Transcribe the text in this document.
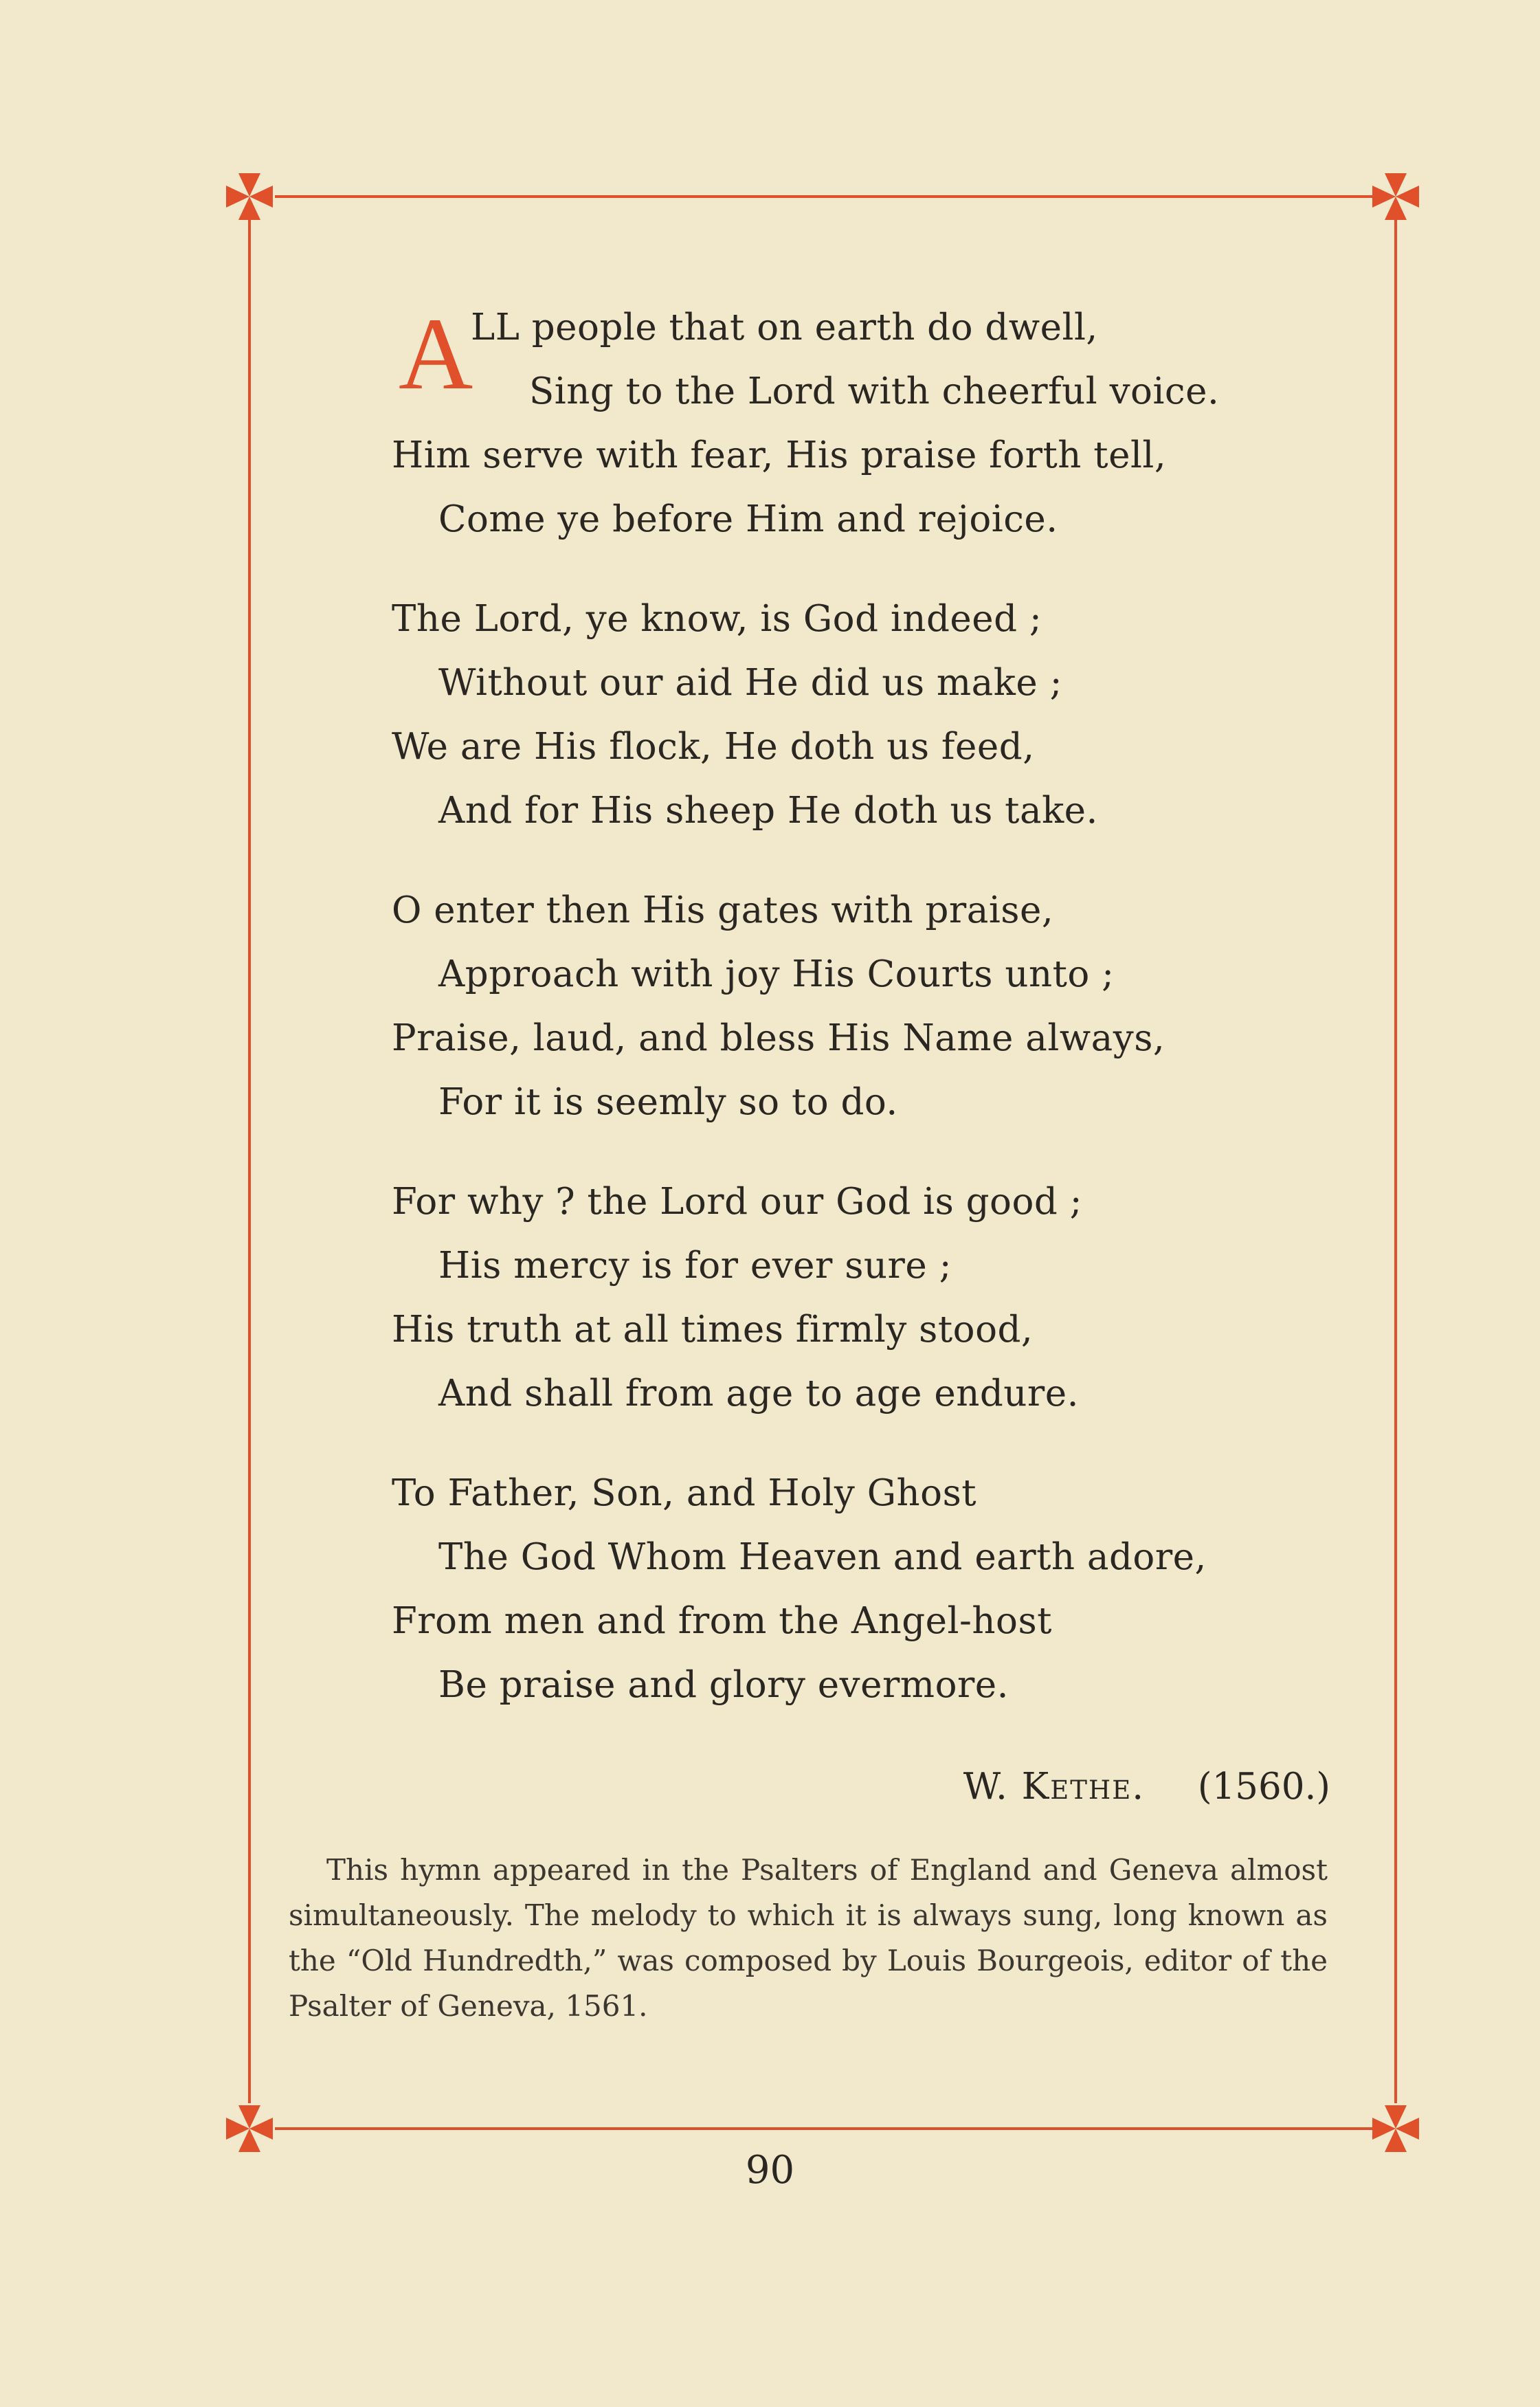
A
LL people that on earth do dwell,
Sing to the Lord with cheerful voice.
Him serve with fear, His praise forth tell,
Come ye before Him and rejoice.
The Lord, ye know, is God indeed ;
Without our aid He did us make ;
We are His flock, He doth us feed,
And for His sheep He doth us take.
O enter then His gates with praise,
Approach with joy His Courts unto ;
Praise, laud, and bless His Name always,
For it is seemly so to do.
For why ? the Lord our God is good ;
His mercy is for ever sure ;
His truth at all times firmly stood,
And shall from age to age endure.
To Father, Son, and Holy Ghost
The God Whom Heaven and earth adore,
From men and from the Angel-host
Be praise and glory evermore.
W. Kethe. (1560.)
This hymn appeared in the Psalters of England and Geneva almost simultaneously. The melody to which it is always sung, long known as the “Old Hundredth,” was composed by Louis Bourgeois, editor of the Psalter of Geneva, 1561.
90
